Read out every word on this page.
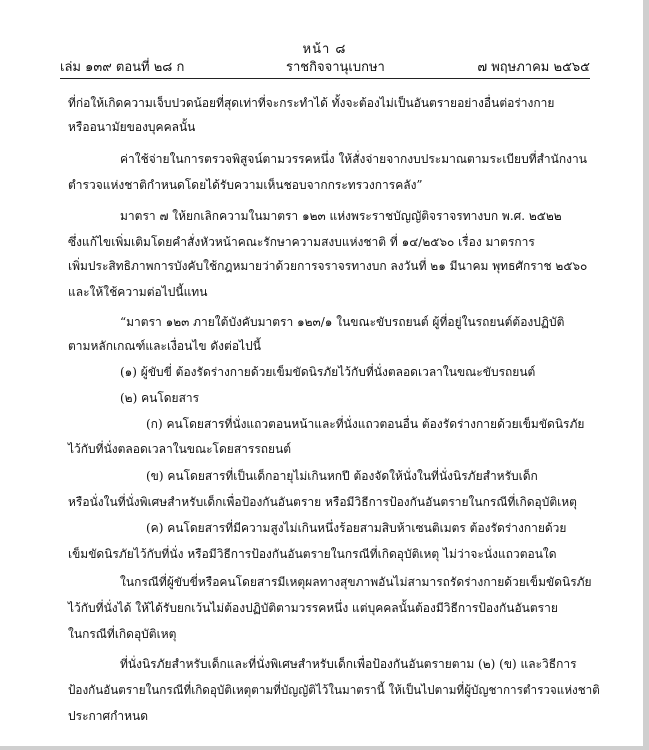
หน้า ๘
เล่ม ๑๓๙ ตอนที่ ๒๘ ก	ราชกิจจานุเบกษา	๗ พฤษภาคม ๒๕๖๕
ที่ก่อให้เกิดความเจ็บปวดน้อยที่สุดเท่าที่จะกระทำได้ ทั้งจะต้องไม่เป็นอันตรายอย่างอื่นต่อร่างกาย
หรืออนามัยของบุคคลนั้น
ค่าใช้จ่ายในการตรวจพิสูจน์ตามวรรคหนึ่ง ให้สั่งจ่ายจากงบประมาณตามระเบียบที่สำนักงาน
ตำรวจแห่งชาติกำหนดโดยได้รับความเห็นชอบจากกระทรวงการคลัง”
มาตรา ๗ ให้ยกเลิกความในมาตรา ๑๒๓ แห่งพระราชบัญญัติจราจรทางบก พ.ศ. ๒๕๒๒
ซึ่งแก้ไขเพิ่มเติมโดยคำสั่งหัวหน้าคณะรักษาความสงบแห่งชาติ ที่ ๑๔/๒๕๖๐ เรื่อง มาตรการ
เพิ่มประสิทธิภาพการบังคับใช้กฎหมายว่าด้วยการจราจรทางบก ลงวันที่ ๒๑ มีนาคม พุทธศักราช ๒๕๖๐
และให้ใช้ความต่อไปนี้แทน
“มาตรา ๑๒๓ ภายใต้บังคับมาตรา ๑๒๓/๑ ในขณะขับรถยนต์ ผู้ที่อยู่ในรถยนต์ต้องปฏิบัติ
ตามหลักเกณฑ์และเงื่อนไข ดังต่อไปนี้
(๑) ผู้ขับขี่ ต้องรัดร่างกายด้วยเข็มขัดนิรภัยไว้กับที่นั่งตลอดเวลาในขณะขับรถยนต์
(๒) คนโดยสาร
(ก) คนโดยสารที่นั่งแถวตอนหน้าและที่นั่งแถวตอนอื่น ต้องรัดร่างกายด้วยเข็มขัดนิรภัย
ไว้กับที่นั่งตลอดเวลาในขณะโดยสารรถยนต์
(ข) คนโดยสารที่เป็นเด็กอายุไม่เกินหกปี ต้องจัดให้นั่งในที่นั่งนิรภัยสำหรับเด็ก
หรือนั่งในที่นั่งพิเศษสำหรับเด็กเพื่อป้องกันอันตราย หรือมีวิธีการป้องกันอันตรายในกรณีที่เกิดอุบัติเหตุ
(ค) คนโดยสารที่มีความสูงไม่เกินหนึ่งร้อยสามสิบห้าเซนติเมตร ต้องรัดร่างกายด้วย
เข็มขัดนิรภัยไว้กับที่นั่ง หรือมีวิธีการป้องกันอันตรายในกรณีที่เกิดอุบัติเหตุ ไม่ว่าจะนั่งแถวตอนใด
ในกรณีที่ผู้ขับขี่หรือคนโดยสารมีเหตุผลทางสุขภาพอันไม่สามารถรัดร่างกายด้วยเข็มขัดนิรภัย
ไว้กับที่นั่งได้ ให้ได้รับยกเว้นไม่ต้องปฏิบัติตามวรรคหนึ่ง แต่บุคคลนั้นต้องมีวิธีการป้องกันอันตราย
ในกรณีที่เกิดอุบัติเหตุ
ที่นั่งนิรภัยสำหรับเด็กและที่นั่งพิเศษสำหรับเด็กเพื่อป้องกันอันตรายตาม (๒) (ข) และวิธีการ
ป้องกันอันตรายในกรณีที่เกิดอุบัติเหตุตามที่บัญญัติไว้ในมาตรานี้ ให้เป็นไปตามที่ผู้บัญชาการตำรวจแห่งชาติ
ประกาศกำหนด
